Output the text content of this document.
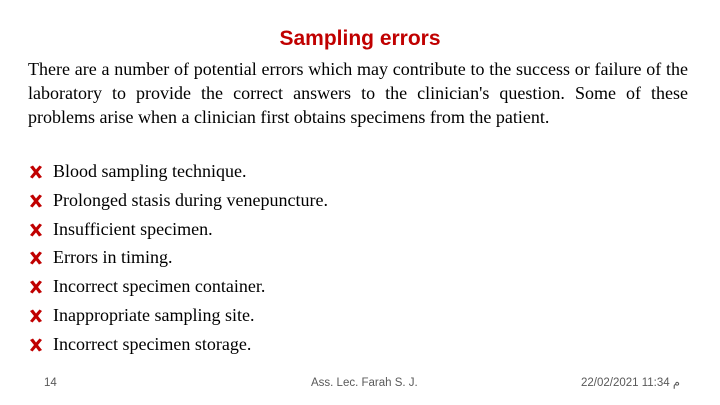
Sampling errors

There are a number of potential errors which may contribute to the success or failure of the laboratory to provide the correct answers to the clinician's question. Some of these problems arise when a clinician first obtains specimens from the patient.

Blood sampling technique.
Prolonged stasis during venepuncture.
Insufficient specimen.
Errors in timing.
Incorrect specimen container.
Inappropriate sampling site.
Incorrect specimen storage.
14	Ass. Lec. Farah S. J.	م 11:34 22/02/2021
